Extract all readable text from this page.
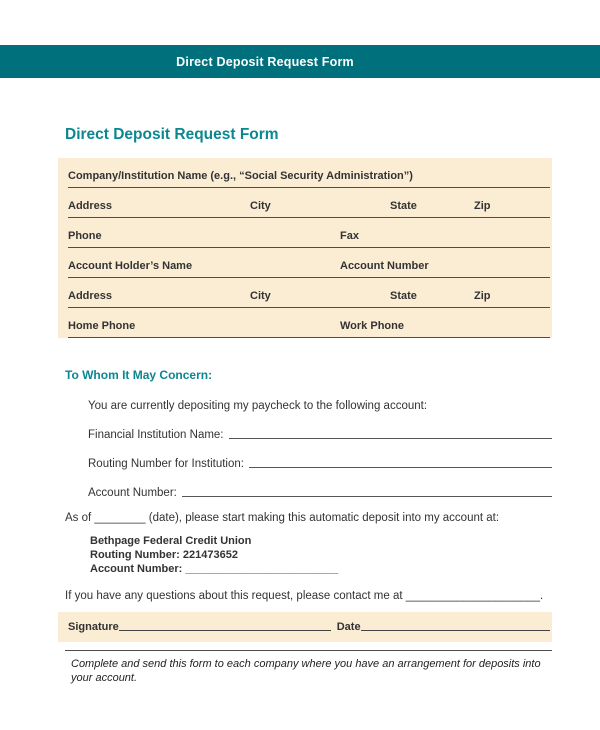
Direct Deposit Request Form
Direct Deposit Request Form
Company/Institution Name (e.g., “Social Security Administration”)
Address	City	State	Zip
Phone	Fax
Account Holder’s Name	Account Number
Address	City	State	Zip
Home Phone	Work Phone
To Whom It May Concern:
You are currently depositing my paycheck to the following account:
Financial Institution Name:
Routing Number for Institution:
Account Number:
As of ________ (date), please start making this automatic deposit into my account at:
Bethpage Federal Credit Union
Routing Number: 221473652
Account Number: _________________________
If you have any questions about this request, please contact me at _____________________.
Signature	Date
Complete and send this form to each company where you have an arrangement for deposits into your account.
